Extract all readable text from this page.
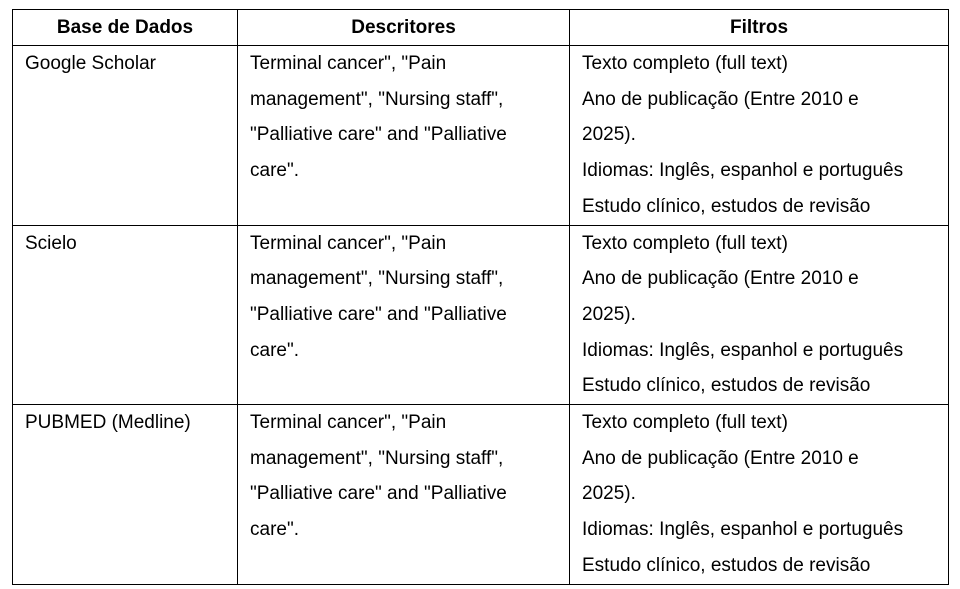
Base de Dados	Descritores	Filtros

Google Scholar	Terminal cancer", "Pain
management", "Nursing staff",
"Palliative care" and "Palliative
care".	Texto completo (full text)
Ano de publicação (Entre 2010 e
2025).
Idiomas: Inglês, espanhol e português
Estudo clínico, estudos de revisão

Scielo	Terminal cancer", "Pain
management", "Nursing staff",
"Palliative care" and "Palliative
care".	Texto completo (full text)
Ano de publicação (Entre 2010 e
2025).
Idiomas: Inglês, espanhol e português
Estudo clínico, estudos de revisão

PUBMED (Medline)	Terminal cancer", "Pain
management", "Nursing staff",
"Palliative care" and "Palliative
care".	Texto completo (full text)
Ano de publicação (Entre 2010 e
2025).
Idiomas: Inglês, espanhol e português
Estudo clínico, estudos de revisão
